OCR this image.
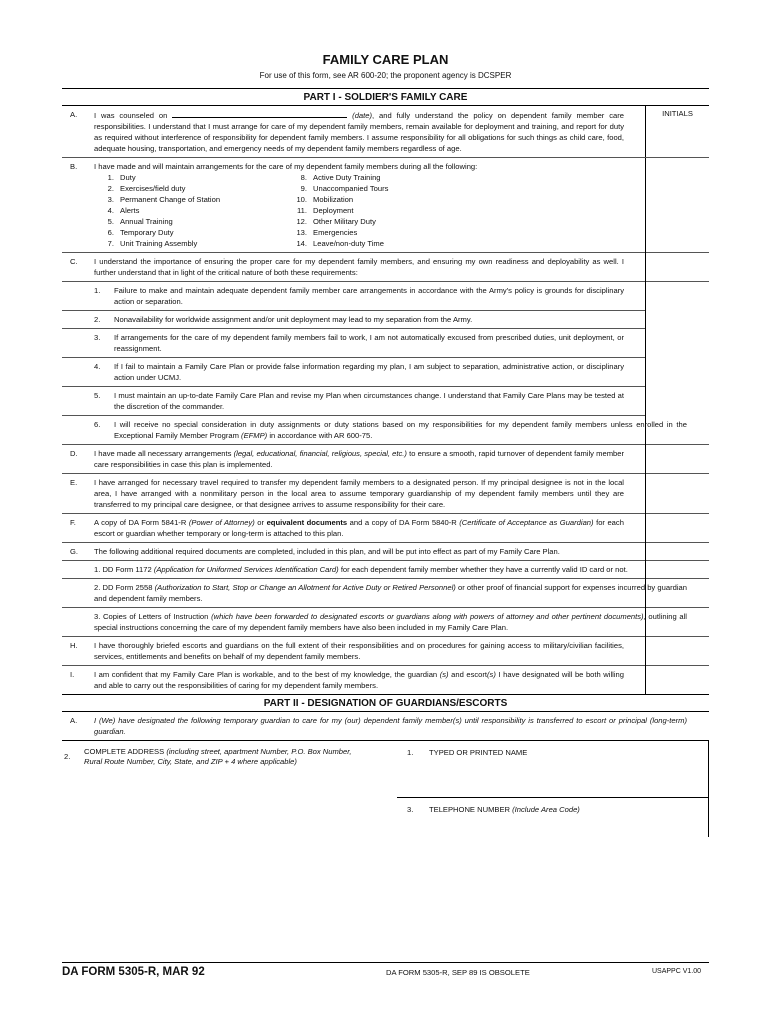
FAMILY CARE PLAN
For use of this form, see AR 600-20; the proponent agency is DCSPER
PART I - SOLDIER'S FAMILY CARE
INITIALS
A.	I was counseled on	(date), and fully understand the policy on dependent family member care responsibilities. I understand that I must arrange for care of my dependent family members, remain available for deployment and training, and report for duty as required without interference of responsibility for dependent family members. I assume responsibility for all obligations for such things as child care, food, adequate housing, transportation, and emergency needs of my dependent family members regardless of age.
B.	I have made and will maintain arrangements for the care of my dependent family members during all the following:
1. Duty
2. Exercises/field duty
3. Permanent Change of Station
4. Alerts
5. Annual Training
6. Temporary Duty
7. Unit Training Assembly
8. Active Duty Training
9. Unaccompanied Tours
10. Mobilization
11. Deployment
12. Other Military Duty
13. Emergencies
14. Leave/non-duty Time
C.	I understand the importance of ensuring the proper care for my dependent family members, and ensuring my own readiness and deployability as well. I further understand that in light of the critical nature of both these requirements:
1.	Failure to make and maintain adequate dependent family member care arrangements in accordance with the Army's policy is grounds for disciplinary action or separation.
2.	Nonavailability for worldwide assignment and/or unit deployment may lead to my separation from the Army.
3.	If arrangements for the care of my dependent family members fail to work, I am not automatically excused from prescribed duties, unit deployment, or reassignment.
4.	If I fail to maintain a Family Care Plan or provide false information regarding my plan, I am subject to separation, administrative action, or disciplinary action under UCMJ.
5.	I must maintain an up-to-date Family Care Plan and revise my Plan when circumstances change. I understand that Family Care Plans may be tested at the discretion of the commander.
6.	I will receive no special consideration in duty assignments or duty stations based on my responsibilities for my dependent family members unless enrolled in the Exceptional Family Member Program (EFMP) in accordance with AR 600-75.
D.	I have made all necessary arrangements (legal, educational, financial, religious, special, etc.) to ensure a smooth, rapid turnover of dependent family member care responsibilities in case this plan is implemented.
E.	I have arranged for necessary travel required to transfer my dependent family members to a designated person. If my principal designee is not in the local area, I have arranged with a nonmilitary person in the local area to assume temporary guardianship of my dependent family members until they are transferred to my principal care designee, or that designee arrives to assume responsibility for their care.
F.	A copy of DA Form 5841-R (Power of Attorney) or equivalent documents and a copy of DA Form 5840-R (Certificate of Acceptance as Guardian) for each escort or guardian whether temporary or long-term is attached to this plan.
G.	The following additional required documents are completed, included in this plan, and will be put into effect as part of my Family Care Plan.
1. DD Form 1172 (Application for Uniformed Services Identification Card) for each dependent family member whether they have a currently valid ID card or not.
2. DD Form 2558 (Authorization to Start, Stop or Change an Allotment for Active Duty or Retired Personnel) or other proof of financial support for expenses incurred by guardian and dependent family members.
3. Copies of Letters of Instruction (which have been forwarded to designated escorts or guardians along with powers of attorney and other pertinent documents), outlining all special instructions concerning the care of my dependent family members have also been included in my Family Care Plan.
H.	I have thoroughly briefed escorts and guardians on the full extent of their responsibilities and on procedures for gaining access to military/civilian facilities, services, entitlements and benefits on behalf of my dependent family members.
I.	I am confident that my Family Care Plan is workable, and to the best of my knowledge, the guardian (s) and escort(s) I have designated will be both willing and able to carry out the responsibilities of caring for my dependent family members.
PART II - DESIGNATION OF GUARDIANS/ESCORTS
A.	I (We) have designated the following temporary guardian to care for my (our) dependent family member(s) until responsibility is transferred to escort or principal (long-term) guardian.
1. TYPED OR PRINTED NAME
2.
COMPLETE ADDRESS (including street, apartment Number, P.O. Box Number, Rural Route Number, City, State, and ZIP + 4 where applicable)
3. TELEPHONE NUMBER (Include Area Code)
DA FORM 5305-R, MAR 92	DA FORM 5305-R, SEP 89 IS OBSOLETE	USAPPC V1.00
